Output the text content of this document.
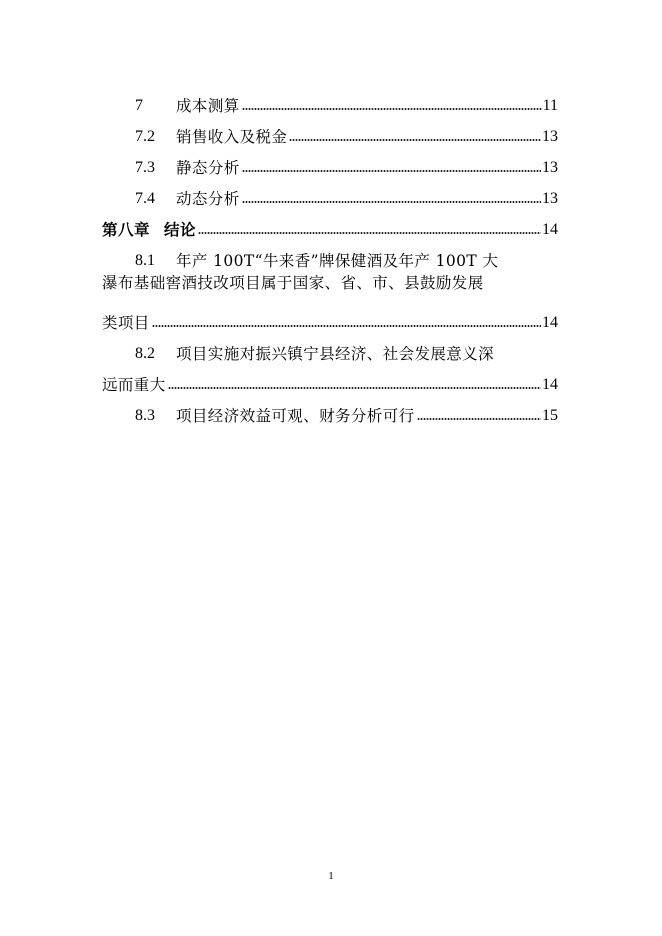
7	成本测算	11
7.2	销售收入及税金	13
7.3	静态分析	13
7.4	动态分析	13
第八章 结论	14
8.1	年产 100T“牛来香”牌保健酒及年产 100T 大
瀑布基础窖酒技改项目属于国家、省、市、县鼓励发展
类项目	14
8.2	项目实施对振兴镇宁县经济、社会发展意义深
远而重大	14
8.3	项目经济效益可观、财务分析可行	15
1
